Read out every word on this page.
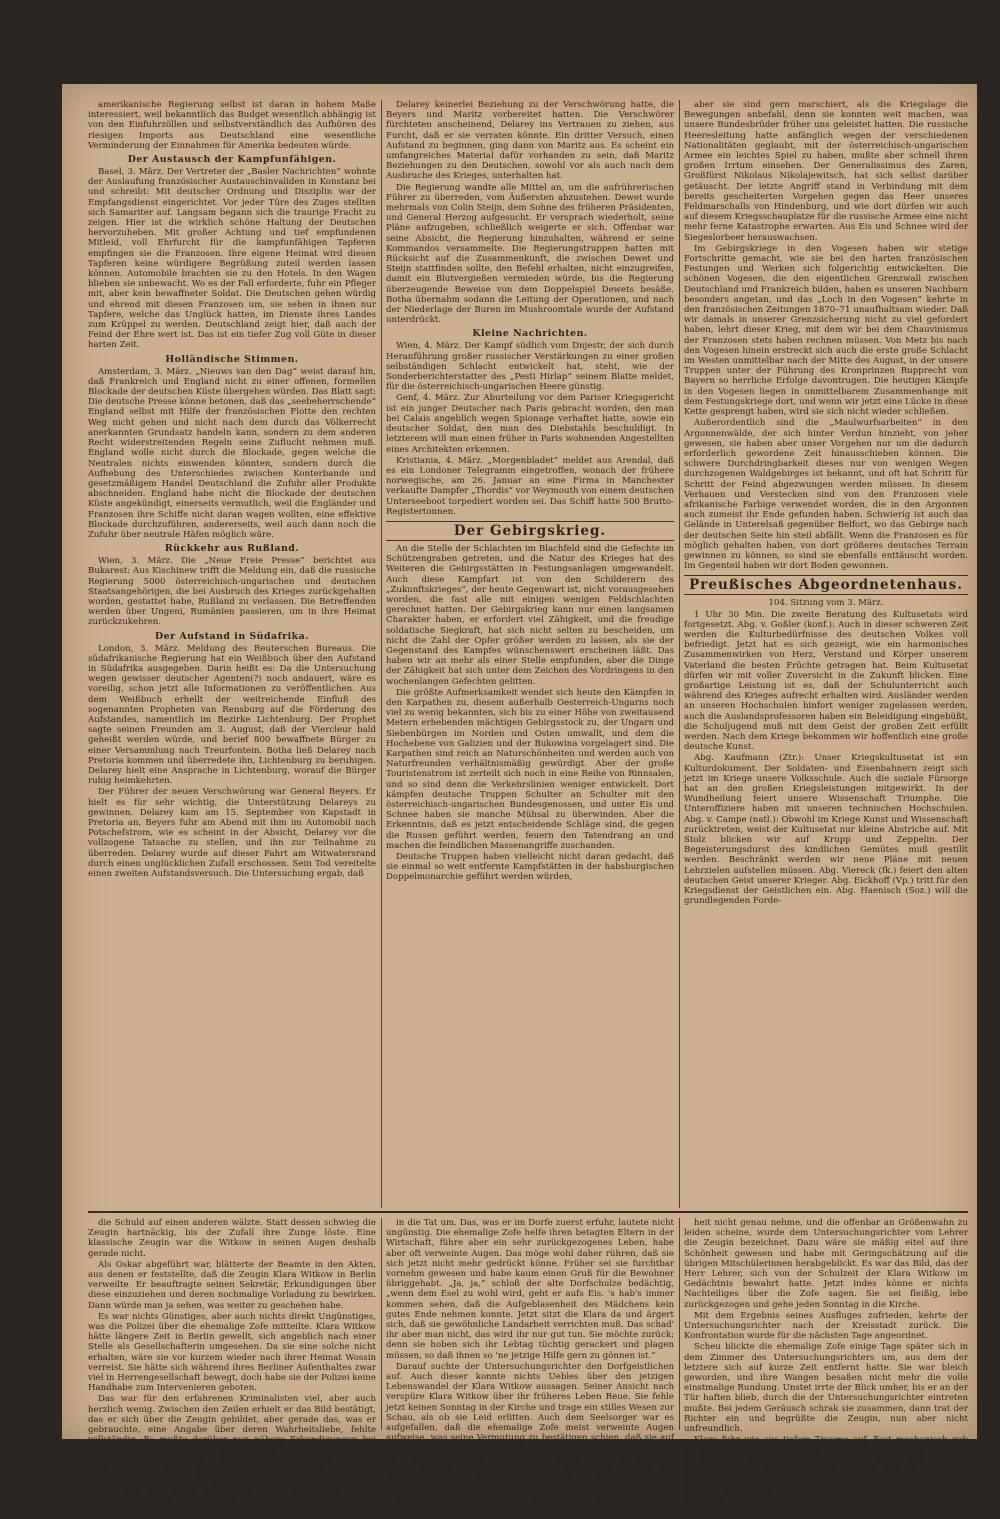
amerikanische Regierung selbst ist daran in hohem Maße interessiert, weil bekanntlich das Budget wesentlich abhängig ist von den Einfuhrzöllen und selbstverständlich das Aufhören des riesigen Imports aus Deutschland eine wesentliche Verminderung der Einnahmen für Amerika bedeuten würde.

Der Austausch der Kampfunfähigen.

Basel, 3. März. Der Vertreter der „Basler Nachrichten“ wohnte der Auslaufung französischer Austauschinvaliden in Konstanz bei und schreibt: Mit deutscher Ordnung und Disziplin war der Empfangsdienst eingerichtet. Vor jeder Türe des Zuges stellten sich Samariter auf. Langsam begann sich die traurige Fracht zu zeigen. Hier ist die wirklich schöne Haltung der Deutschen hervorzuheben. Mit großer Achtung und tief empfundenen Mitleid, voll Ehrfurcht für die kampfunfähigen Tapferen empfingen sie die Franzosen. Ihre eigene Heimat wird diesen Tapferen keine würdigere Begrüßung zuteil werden lassen können. Automobile brachten sie zu den Hotels. In den Wagen blieben sie unbewacht. Wo es der Fall erforderte, fuhr ein Pfleger mit, aber kein bewaffneter Soldat. Die Deutschen gehen würdig und ehrend mit diesen Franzosen um, sie sehen in ihnen nur Tapfere, welche das Unglück hatten, im Dienste ihres Landes zum Krüppel zu werden. Deutschland zeigt hier, daß auch der Feind der Ehre wert ist. Das ist ein tiefer Zug voll Güte in dieser harten Zeit.

Holländische Stimmen.

Amsterdam, 3. März. „Nieuws van den Dag“ weist darauf hin, daß Frankreich und England nicht zu einer offenen, formellen Blockade der deutschen Küste übergehen würden. Das Blatt sagt: Die deutsche Presse könne betonen, daß das „seebeherrschende“ England selbst mit Hilfe der französischen Flotte den rechten Weg nicht gehen und nicht nach dem durch das Völkerrecht anerkannten Grundsatz handeln kann, sondern zu dem anderen Recht widerstreitenden Regeln seine Zuflucht nehmen muß. England wolle nicht durch die Blockade, gegen welche die Neutralen nichts einwenden könnten, sondern durch die Aufhebung des Unterschiedes zwischen Konterbande und gesetzmäßigem Handel Deutschland die Zufuhr aller Produkte abschneiden. England habe nicht die Blockade der deutschen Küste angekündigt, einerseits vermutlich, weil die Engländer und Franzosen ihre Schiffe nicht daran wagen wollten, eine effektive Blockade durchzuführen, andererseits, weil auch dann noch die Zufuhr über neutrale Häfen möglich wäre.

Rückkehr aus Rußland.

Wien, 3. März. Die „Neue Freie Presse“ berichtet aus Bukarest: Aus Kischinew trifft die Meldung ein, daß die russische Regierung 5000 österreichisch-ungarischen und deutschen Staatsangehörigen, die bei Ausbruch des Krieges zurückgehalten worden, gestattet habe, Rußland zu verlassen. Die Betreffenden werden über Ungeni, Rumänien passieren, um in ihre Heimat zurückzukehren.

Der Aufstand in Südafrika.

London, 3. März. Meldung des Reuterschen Bureaus. Die südafrikanische Regierung hat ein Weißbuch über den Aufstand in Südafrika ausgegeben. Darin heißt es: Da die Untersuchung wegen gewisser deutscher Agenten(?) noch andauert, wäre es voreilig, schon jetzt alle Informationen zu veröffentlichen. Aus dem Weißbuch erhellt der weitreichende Einfluß des sogenannten Propheten van Rensburg auf die Förderung des Aufstandes, namentlich im Bezirke Lichtenburg. Der Prophet sagte seinen Freunden am 3. August, daß der Viercleur bald geheißt werden würde, und berief 800 bewaffnete Bürger zu einer Versammlung nach Treurfontein. Botha ließ Delarey nach Pretoria kommen und überredete ihn, Lichtenburg zu beruhigen. Delarey hielt eine Ansprache in Lichtenburg, worauf die Bürger ruhig heimkehrten.

Der Führer der neuen Verschwörung war General Beyers. Er hielt es für sehr wichtig, die Unterstützung Delareys zu gewinnen. Delarey kam am 15. September von Kapstadt in Pretoria an, Beyers fuhr am Abend mit ihm im Automobil nach Potschefstrom, wie es scheint in der Absicht, Delarey vor die vollzogene Tatsache zu stellen, und ihn zur Teilnahme zu überreden. Delarey wurde auf dieser Fahrt am Witwatersrand durch einen unglücklichen Zufall erschossen. Sein Tod vereitelte einen zweiten Aufstandsversuch. Die Untersuchung ergab, daß

Delarey keinerlei Beziehung zu der Verschwörung hatte, die Beyers und Maritz vorbereitet hatten. Die Verschwörer fürchteten anscheinend, Delarey ins Vertrauen zu ziehen, aus Furcht, daß er sie verraten könnte. Ein dritter Versuch, einen Aufstand zu beginnen, ging dann von Maritz aus. Es scheint ein umfangreiches Material dafür vorhanden zu sein, daß Maritz Beziehungen zu den Deutschen, sowohl vor als auch nach dem Ausbruche des Krieges, unterhalten hat.

Die Regierung wandte alle Mittel an, um die aufrührerischen Führer zu überreden, vom Äußersten abzustehen. Dewet wurde mehrmals von Colin Steijn, dem Sohne des früheren Präsidenten, und General Herzog aufgesucht. Er versprach wiederholt, seine Pläne aufzugeben, schließlich weigerte er sich. Offenbar war seine Absicht, die Regierung hinzuhalten, während er seine Kommandos versammelte. Die Regierungstruppen hatten mit Rücksicht auf die Zusammenkunft, die zwischen Dewet und Steijn stattfinden sollte, den Befehl erhalten, nicht einzugreifen, damit ein Blutvergießen vermieden würde, bis die Regierung überzeugende Beweise von dem Doppelspiel Dewets besäße. Botha übernahm sodann die Leitung der Operationen, und nach der Niederlage der Buren im Mushroomtale wurde der Aufstand unterdrückt.

Kleine Nachrichten.

Wien, 4. März. Der Kampf südlich vom Dnjestr, der sich durch Heranführung großer russischer Verstärkungen zu einer großen selbständigen Schlacht entwickelt hat, steht, wie der Sonderberichterstatter des „Pesti Hirlap“ seinem Blatte meldet, für die österreichisch-ungarischen Heere günstig.

Genf, 4. März. Zur Aburteilung vor dem Pariser Kriegsgericht ist ein junger Deutscher nach Paris gebracht worden, den man bei Calais angeblich wegen Spionage verhaftet hatte, sowie ein deutscher Soldat, den man des Diebstahls beschuldigt. In letzterem will man einen früher in Paris wohnenden Angestellten eines Architekten erkennen.

Kristiania, 4. März. „Morgenbladet“ meldet aus Arendal, daß es ein Londoner Telegramm eingetroffen, wonach der frühere norwegische, am 26. Januar an eine Firma in Manchester verkaufte Dampfer „Thordis“ vor Weymouth von einem deutschen Unterseeboot torpediert worden sei. Das Schiff hatte 500 Brutto-Registertonnen.

Der Gebirgskrieg.

An die Stelle der Schlachten im Blachfeld sind die Gefechte im Schützengraben getreten, und die Natur des Krieges hat des Weiteren die Gebirgsstätten in Festungsanlagen umgewandelt. Auch diese Kampfart ist von den Schilderern des „Zukunftskrieges“, der heute Gegenwart ist, nicht vorausgesehen worden, die fast alle mit einigen wenigen Feldschlachten gerechnet hatten. Der Gebirgskrieg kann nur einen langsamen Charakter haben, er erfordert viel Zähigkeit, und die freudige soldatische Siegkraft, hat sich nicht selten zu bescheiden, um nicht die Zahl der Opfer größer werden zu lassen, als sie der Gegenstand des Kampfes wünschenswert erscheinen läßt. Das haben wir an mehr als einer Stelle empfunden, aber die Dinge der Zähigkeit hat sich unter dem Zeichen des Vordringens in den wochenlangen Gefechten gelitten.

Die größte Aufmerksamkeit wendet sich heute den Kämpfen in den Karpathen zu, diesem außerhalb Oesterreich-Ungarns noch viel zu wenig bekannten, sich bis zu einer Höhe von zweitausend Metern erhebenden mächtigen Gebirgsstock zu, der Ungarn und Siebenbürgen im Norden und Osten umwallt, und dem die Hochebene von Galizien und der Bukowina vorgelagert sind. Die Karpathen sind reich an Naturschönheiten und werden auch von Naturfreunden verhältnismäßig gewürdigt. Aber der große Touristenstrom ist zerteilt sich noch in eine Reihe von Rinnsalen, und so sind denn die Verkehrslinien weniger entwickelt. Dort kämpfen deutsche Truppen Schulter an Schulter mit den österreichisch-ungarischen Bundesgenossen, und unter Eis und Schnee haben sie manche Mühsal zu überwinden. Aber die Erkenntnis, daß es jetzt entscheidende Schläge sind, die gegen die Russen geführt werden, feuern den Tatendrang an und machen die feindlichen Massenangriffe zuschanden.

Deutsche Truppen haben vielleicht nicht daran gedacht, daß sie einmal so weit entfernte Kampfstätten in der habsburgischen Doppelmonarchie geführt werden würden,

aber sie sind gern marschiert, als die Kriegslage die Bewegungen anbefahl, denn sie konnten weit machen, was unsere Bundesbrüder früher uns geleistet hatten. Die russische Heeresleitung hatte anfänglich wegen der verschiedenen Nationalitäten geglaubt, mit der österreichisch-ungarischen Armee ein leichtes Spiel zu haben, mußte aber schnell ihren großen Irrtum einsehen. Der Generalissimus des Zaren, Großfürst Nikolaus Nikolajewitsch, hat sich selbst darüber getäuscht. Der letzte Angriff stand in Verbindung mit dem bereits gescheiterten Vorgehen gegen das Heer unseres Feldmarschalls von Hindenburg, und wie dort dürfen wir auch auf diesem Kriegsschauplatze für die russische Armee eine nicht mehr ferne Katastrophe erwarten. Aus Eis und Schnee wird der Siegeslorbeer herauswachsen.

Im Gebirgskriege in den Vogesen haben wir stetige Fortschritte gemacht, wie sie bei den harten französischen Festungen und Werken sich folgerichtig entwickelten. Die schönen Vogesen, die den eigentlichen Grenzwall zwischen Deutschland und Frankreich bilden, haben es unseren Nachbarn besonders angetan, und das „Loch in den Vogesen“ kehrte in den französischen Zeitungen 1870–71 unaufhaltsam wieder. Daß wir damals in unserer Grenzsicherung nicht zu viel gefordert haben, lehrt dieser Krieg, mit dem wir bei dem Chauvinismus der Franzosen stets haben rechnen müssen. Von Metz bis nach den Vogesen hinein erstreckt sich auch die erste große Schlacht im Westen unmittelbar nach der Mitte des August, in der unsere Truppen unter der Führung des Kronprinzen Rupprecht von Bayern so herrliche Erfolge davontrugen. Die heutigen Kämpfe in den Vogesen liegen in unmittelbarem Zusammenhange mit dem Festungskriege dort, und wenn wir jetzt eine Lücke in diese Kette gesprengt haben, wird sie sich nicht wieder schließen.

Außerordentlich sind die „Maulwurfsarbeiten“ in den Argonnenwälde, der sich hinter Verdun hinzieht, von jeher gewesen, sie haben aber unser Vorgehen nur um die dadurch erforderlich gewordene Zeit hinausschieben können. Die schwere Durchdringbarkeit dieses nur von wenigen Wegen durchzogenen Waldgebirges ist bekannt, und oft hat Schritt für Schritt der Feind abgezwungen werden müssen. In diesem Verhauen und Verstecken sind von den Franzosen viele afrikanische Farbige verwendet worden, die in den Argonnen auch zumeist ihr Ende gefunden haben. Schwierig ist auch das Gelände in Unterelsaß gegenüber Belfort, wo das Gebirge nach der deutschen Seite hin steil abfällt. Wenn die Franzosen es für möglich gehalten haben, von dort größeres deutsches Terrain gewinnen zu können, so sind sie ebenfalls enttäuscht worden. Im Gegenteil haben wir dort Boden gewonnen.

Preußisches Abgeordnetenhaus.

104. Sitzung vom 3. März.

1 Uhr 30 Min. Die zweite Beratung des Kultusetats wird fortgesetzt. Abg. v. Goßler (konf.): Auch in dieser schweren Zeit werden die Kulturbedürfnisse des deutschen Volkes voll befriedigt. Jetzt hat es sich gezeigt, wie ein harmonisches Zusammenwirken von Herz, Verstand und Körper unserem Vaterland die besten Früchte getragen hat. Beim Kultusetat dürfen wir mit voller Zuversicht in die Zukunft blicken. Eine großartige Leistung ist es, daß der Schulunterricht auch während des Krieges aufrecht erhalten wird. Ausländer werden an unseren Hochschulen hinfort weniger zugelassen werden, auch die Auslandsprofessoren haben ein Beleidigung eingebüßt, die Schuljugend muß mit dem Geist der großen Zeit erfüllt werden. Nach dem Kriege bekommen wir hoffentlich eine große deutsche Kunst.

Abg. Kaufmann (Ztr.): Unser Kriegskultusetat ist ein Kulturdokument. Der Soldaten- und Eisenbahnern zeigt sich jetzt im Kriege unsere Volksschule. Auch die soziale Fürsorge hat an den großen Kriegsleistungen mitgewirkt. In der Wundheilung feiert unsere Wissenschaft Triumphe. Die Unteroffiziere haben mit unseren technischen Hochschulen. Abg. v. Campe (natl.): Obwohl im Kriege Kunst und Wissenschaft zurücktreten, weist der Kultusetat nur kleine Abstriche auf. Mit Stolz blicken wir auf Krupp und Zeppelin. Der Begeisterungsdurst des kindlichen Gemütes muß gestillt werden. Beschränkt werden wir neue Pläne mit neuen Lehrzielen aufstellen müssen. Abg. Viereck (fk.) feiert den alten deutschen Geist unserer Krieger. Abg. Eickhoff (Vp.) tritt für den Kriegsdienst der Geistlichen ein. Abg. Haenisch (Soz.) will die grundlegenden Forde-

die Schuld auf einen anderen wälzte. Statt dessen schwieg die Zeugin hartnäckig, bis der Zufall ihre Zunge löste. Eine klassische Zeugin war die Witkow in seinen Augen deshalb gerade nicht.

Als Oskar abgeführt war, blätterte der Beamte in den Akten, aus denen er feststellte, daß die Zeugin Klara Witkow in Berlin verweilte. Er beauftragte seinen Sekretär, Erkundigungen über diese einzuziehen und deren nochmalige Vorladung zu bewirken. Dann würde man ja sehen, was weiter zu geschehen habe.

Es war nichts Günstiges, aber auch nichts direkt Ungünstiges, was die Polizei über die ehemalige Zofe mitteilte. Klara Witkow hätte längere Zeit in Berlin gewellt, sich angeblich nach einer Stelle als Gesellschafterin umgesehen. Da sie eine solche nicht erhalten, wäre sie vor kurzem wieder nach ihrer Heimat Wossin verreist. Sie hätte sich während ihres Berliner Aufenthaltes zwar viel in Herrengesellschaft bewegt, doch habe sie der Polizei keine Handhabe zum Intervenieren geboten.

Das war für den erfahrenen Kriminalisten viel, aber auch herzlich wenig. Zwischen den Zeilen erhielt er das Bild bestätigt, das er sich über die Zeugin gebildet, aber gerade das, was er gebrauchte, eine Angabe über deren Wahrheitsliebe, fehlte vollständig. Es mußte darüber nun nähere Erkundigungen bei der Ortsbehörde eingezogen werden. Das konnte schließlich er, der Untersuchungsrichter, in eigener Person bewirken, indem er nach dem Dorfe Wossin hinausfuhr, in dem die Eltern der Zeugin ein kleines Besitztum ihr eigen nannten. Da die Zeugin seit einiger Zeit dort weilte, würde die Erkundigung ohne großen Zeitverlust vor sich gehen können.

Diesen Gedanken setzte er bereits am nächsten Tage

in die Tat um. Das, was er im Dorfe zuerst erfuhr, lautete nicht ungünstig. Die ehemalige Zofe helfe ihren betagten Eltern in der Wirtschaft, führe aber ein sehr zurückgezogenes Leben, habe aber oft verweinte Augen. Das möge wohl daher rühren, daß sie sich jetzt nicht mehr gedrückt könne. Früher sei sie furchtbar vornehm gewesen und habe kaum einen Gruß für die Bewohner übriggehabt. „Ja, ja,“ schloß der alte Dorfschulze bedächtig, „wenn dem Esel zu wohl wird, geht er aufs Eis. 's hab's immer kommen sehen, daß die Aufgeblasenheit des Mädchens kein gutes Ende nehmen konnte. Jetzt sitzt die Klara da und ärgert sich, daß sie gewöhnliche Landarbeit verrichten muß. Das schad' ihr aber man nicht, das wird ihr nur gut tun. Sie möchte zurück; denn sie hoben sich ihr Lebtag tüchtig gerackert und plagen müssen, so daß ihnen so 'ne jetzige Hilfe gern zu gönnen ist.“

Darauf suchte der Untersuchungsrichter den Dorfgeistlichen auf. Auch dieser konnte nichts Uebles über den jetzigen Lebenswandel der Klara Witkow aussagen. Seiner Ansicht nach verspüre Klara Witkow über ihr früheres Leben Reue. Sie fehle jetzt keinen Sonntag in der Kirche und trage ein stilles Wesen zur Schau, als ob sie Leid erlitten. Auch dem Seelsorger war es aufgefallen, daß die ehemalige Zofe meist verweinte Augen aufweise, was seine Vermutung zu bestätigen schien, daß sie auf dem Wege sei, ihrem besseren Ich zum Siege zu verhelfen. Was es in diesem Meinungsgegengesetzte harte Kämpfe zu bestehen gäbe, zeigten ihm die geröteten Augenlider. Ueber die Wahrheitsliebe des Mädchens konnte er aus Erfahrung nichts sagen. Darüber könnte der Lehrer die beste Auskunft geben.

Als eine phantastische Person, die es mit der Wahr-

heit nicht genau nehme, und die offenbar an Größenwahn zu leiden scheine, wurde dem Untersuchungsrichter vom Lehrer die Zeugin bezeichnet. Dazu wäre sie mäßig eitel auf ihre Schönheit gewesen und habe mit Geringschätzung auf die übrigen Mitschülerinnen herabgeblickt. Es war das Bild, das der Herr Lehrer, sich von der Schulzeit der Klara Witkow im Gedächtnis bewahrt hatte. Jetzt indes könne er nichts Nachteiliges über die Zofe sagen. Sie sei fleißig, lebe zurückgezogen und gehe jeden Sonntag in die Kirche.

Mit dem Ergebnis seines Ausfluges zufrieden, kehrte der Untersuchungsrichter nach der Kreisstadt zurück. Die Konfrontation wurde für die nächsten Tage angeordnet.

Scheu blickte die ehemalige Zofe einige Tage später sich in dem Zimmer des Untersuchungsrichters um, aus dem der letztere sich auf kurze Zeit entfernt hatte. Sie war bleich geworden, und ihre Wangen besaßen nicht mehr die volle einstmalige Rundung. Unstet irrte der Blick umher, bis er an der Tür haften blieb, durch die der Untersuchungsrichter eintreten mußte. Bei jedem Geräusch schrak sie zusammen, dann trat der Richter ein und begrüßte die Zeugin, nun aber nicht unfreundlich.

Klara fuhr wie aus tiefem Traume auf. Fast mechanisch gab sie Antwort auf die Fragen des Untersuchungsrichters, in der er an der Hand des erstmaligen Protokolles stellte und zunächst nur allgemeinere Angelegenheiten betrafen. Daß die Zeugin mit niedergeschlagenen Blicken dasaß, hielt der Beamte für ein Zeichen der Scham. Er kam dann auf das Motiv des Mordes zu sprechen.

(Fortsetzung folgt.)
